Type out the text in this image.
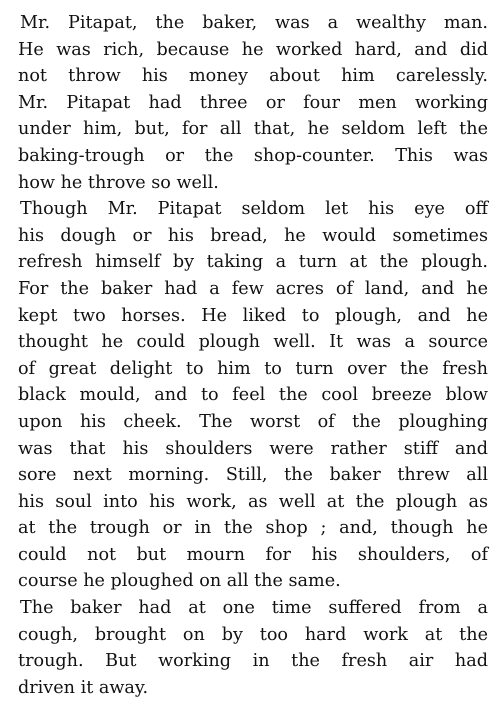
Mr. Pitapat, the baker, was a wealthy man.
He was rich, because he worked hard, and did
not throw his money about him carelessly.
Mr. Pitapat had three or four men working
under him, but, for all that, he seldom left the
baking-trough or the shop-counter. This was
how he throve so well.

Though Mr. Pitapat seldom let his eye off
his dough or his bread, he would sometimes
refresh himself by taking a turn at the plough.
For the baker had a few acres of land, and he
kept two horses. He liked to plough, and he
thought he could plough well. It was a source
of great delight to him to turn over the fresh
black mould, and to feel the cool breeze blow
upon his cheek. The worst of the ploughing
was that his shoulders were rather stiff and
sore next morning. Still, the baker threw all
his soul into his work, as well at the plough as
at the trough or in the shop ; and, though he
could not but mourn for his shoulders, of
course he ploughed on all the same.

The baker had at one time suffered from a
cough, brought on by too hard work at the
trough. But working in the fresh air had
driven it away.
